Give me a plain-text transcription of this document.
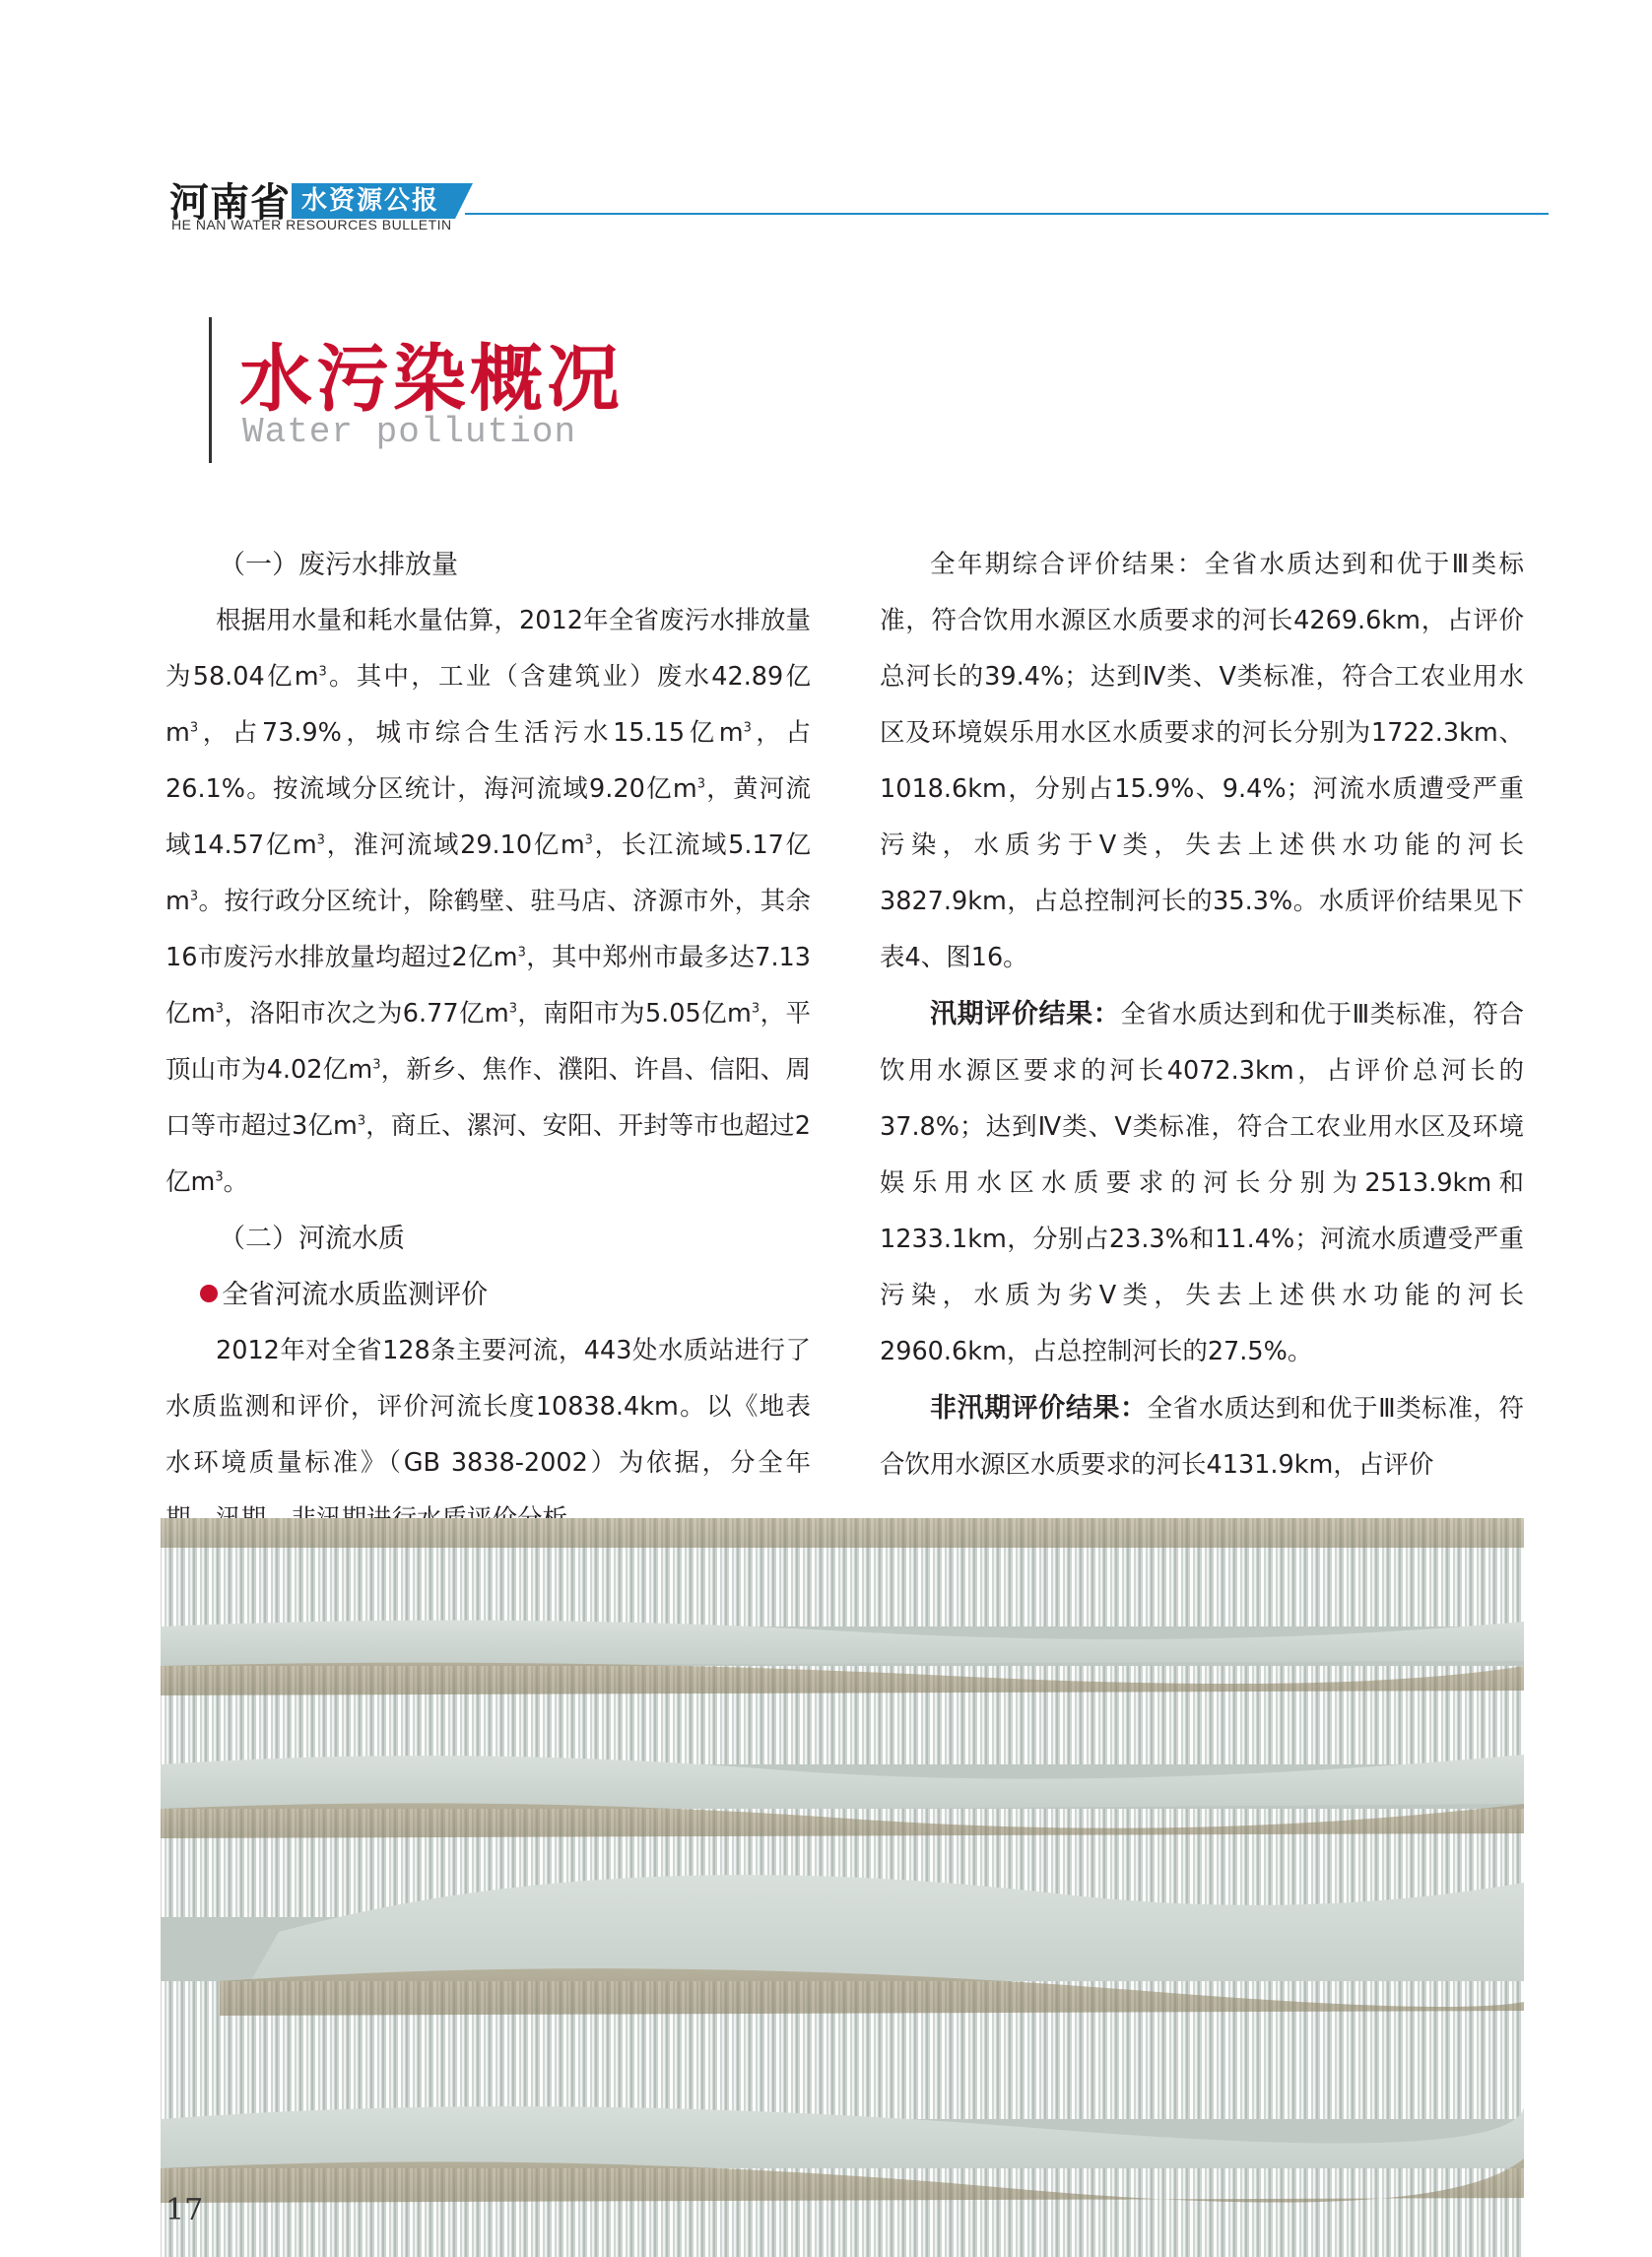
河南省 水资源公报
HE NAN WATER RESOURCES BULLETIN
水污染概况
Water pollution
（一）废污水排放量

根据用水量和耗水量估算，2012年全省废污水排放量为58.04亿$m^3$。其中，工业（含建筑业）废水42.89亿$m^3$，占73.9%，城市综合生活污水15.15亿$m^3$，占26.1%。按流域分区统计，海河流域9.20亿$m^3$，黄河流域14.57亿$m^3$，淮河流域29.10亿$m^3$，长江流域5.17亿$m^3$。按行政分区统计，除鹤壁、驻马店、济源市外，其余16市废污水排放量均超过2亿$m^3$，其中郑州市最多达7.13亿$m^3$，洛阳市次之为6.77亿$m^3$，南阳市为5.05亿$m^3$，平顶山市为4.02亿$m^3$，新乡、焦作、濮阳、许昌、信阳、周口等市超过3亿$m^3$，商丘、漯河、安阳、开封等市也超过2亿$m^3$。

（二）河流水质
全省河流水质监测评价

2012年对全省128条主要河流，443处水质站进行了水质监测和评价，评价河流长度10838.4km。以《地表水环境质量标准》（GB 3838-2002）为依据，分全年

全年期综合评价结果：全省水质达到和优于Ⅲ类标准，符合饮用水源区水质要求的河长4269.6km，占评价总河长的39.4%；达到Ⅳ类、Ⅴ类标准，符合工农业用水区及环境娱乐用水区水质要求的河长分别为1722.3km、1018.6km，分别占15.9%、9.4%；河流水质遭受严重污染，水质劣于Ⅴ类，失去上述供水功能的河长3827.9km，占总控制河长的35.3%。水质评价结果见下表4、图16。

汛期评价结果：全省水质达到和优于Ⅲ类标准，符合饮用水源区要求的河长4072.3km，占评价总河长的37.8%；达到Ⅳ类、Ⅴ类标准，符合工农业用水区及环境娱乐用水区水质要求的河长分别为2513.9km和1233.1km，分别占23.3%和11.4%；河流水质遭受严重污染，水质为劣Ⅴ类，失去上述供水功能的河长2960.6km，占总控制河长的27.5%。

非汛期评价结果：全省水质达到和优于Ⅲ类标准，符合饮用水源区水质要求的河长4131.9km，占评价

17
